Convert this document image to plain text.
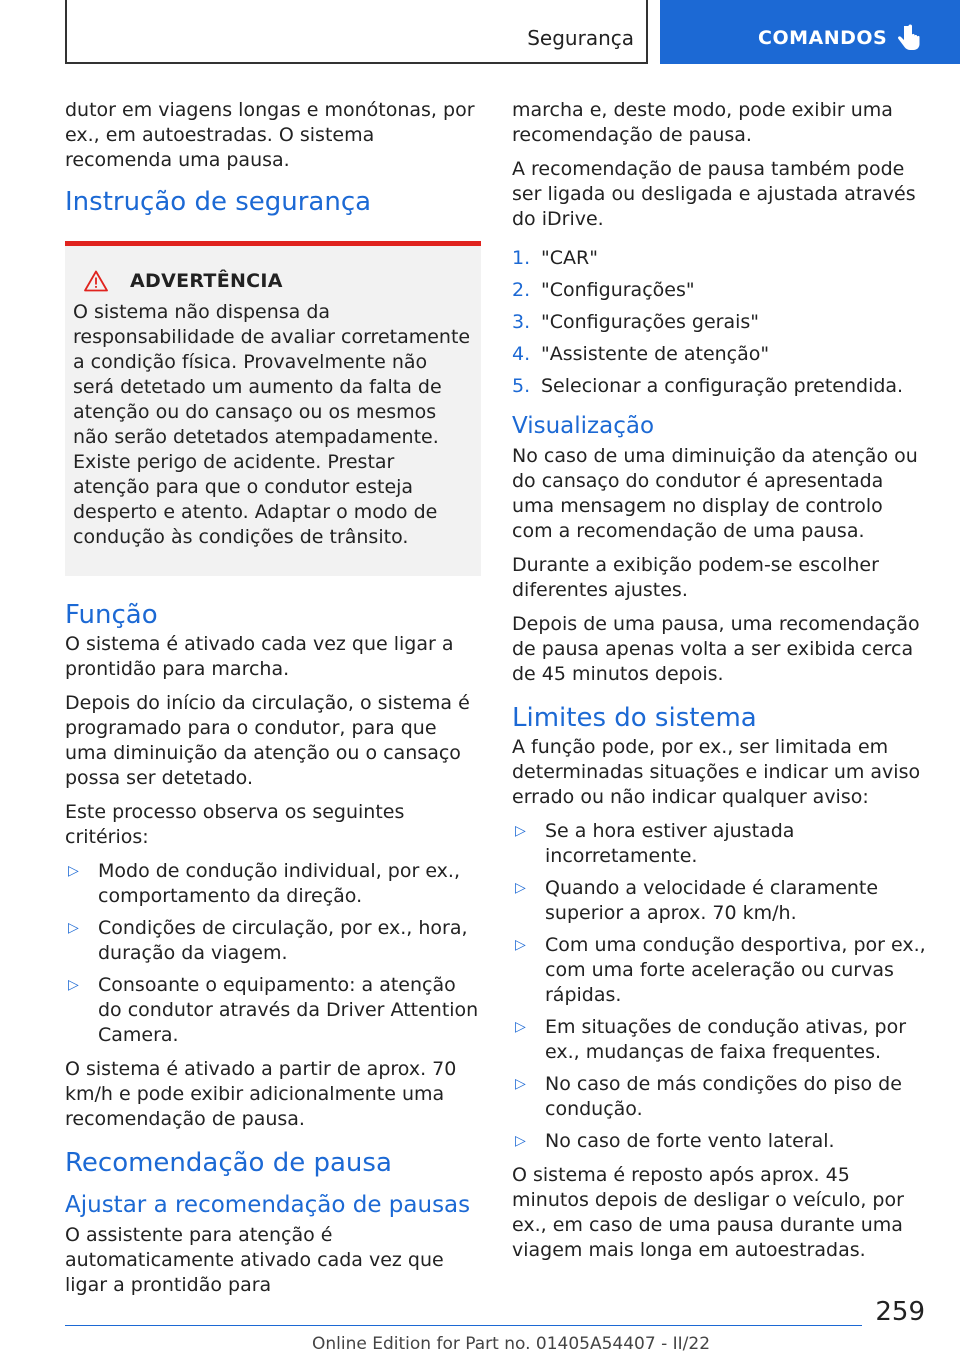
Segurança	COMANDOS

dutor em viagens longas e monótonas, por ex., em autoestradas. O sistema recomenda uma pausa.

Instrução de segurança
ADVERTÊNCIA

O sistema não dispensa da responsabilidade de avaliar corretamente a condição física. Provavelmente não será detetado um aumento da falta de atenção ou do cansaço ou os mesmos não serão detetados atempadamente. Existe perigo de acidente. Prestar atenção para que o condutor esteja desperto e atento. Adaptar o modo de condução às condições de trânsito.

Função

O sistema é ativado cada vez que ligar a prontidão para marcha.

Depois do início da circulação, o sistema é programado para o condutor, para que uma diminuição da atenção ou o cansaço possa ser detetado.

Este processo observa os seguintes critérios:

▷	Modo de condução individual, por ex., comportamento da direção.

▷	Condições de circulação, por ex., hora, duração da viagem.

▷	Consoante o equipamento: a atenção do condutor através da Driver Attention Camera.

O sistema é ativado a partir de aprox. 70 km/h e pode exibir adicionalmente uma recomendação de pausa.

Recomendação de pausa
Ajustar a recomendação de pausas

O assistente para atenção é automaticamente ativado cada vez que ligar a prontidão para

marcha e, deste modo, pode exibir uma recomendação de pausa.

A recomendação de pausa também pode ser ligada ou desligada e ajustada através do iDrive.

1. "CAR"

2. "Configurações"

3. "Configurações gerais"

4. "Assistente de atenção"

5. Selecionar a configuração pretendida.

Visualização

No caso de uma diminuição da atenção ou do cansaço do condutor é apresentada uma mensagem no display de controlo com a recomendação de uma pausa.

Durante a exibição podem-se escolher diferentes ajustes.

Depois de uma pausa, uma recomendação de pausa apenas volta a ser exibida cerca de 45 minutos depois.

Limites do sistema

A função pode, por ex., ser limitada em determinadas situações e indicar um aviso errado ou não indicar qualquer aviso:

▷	Se a hora estiver ajustada incorretamente.

▷	Quando a velocidade é claramente superior a aprox. 70 km/h.

▷	Com uma condução desportiva, por ex., com uma forte aceleração ou curvas rápidas.

▷	Em situações de condução ativas, por ex., mudanças de faixa frequentes.

▷	No caso de más condições do piso de condução.

▷	No caso de forte vento lateral.

O sistema é reposto após aprox. 45 minutos depois de desligar o veículo, por ex., em caso de uma pausa durante uma viagem mais longa em autoestradas.

259
Online Edition for Part no. 01405A54407 - II/22
